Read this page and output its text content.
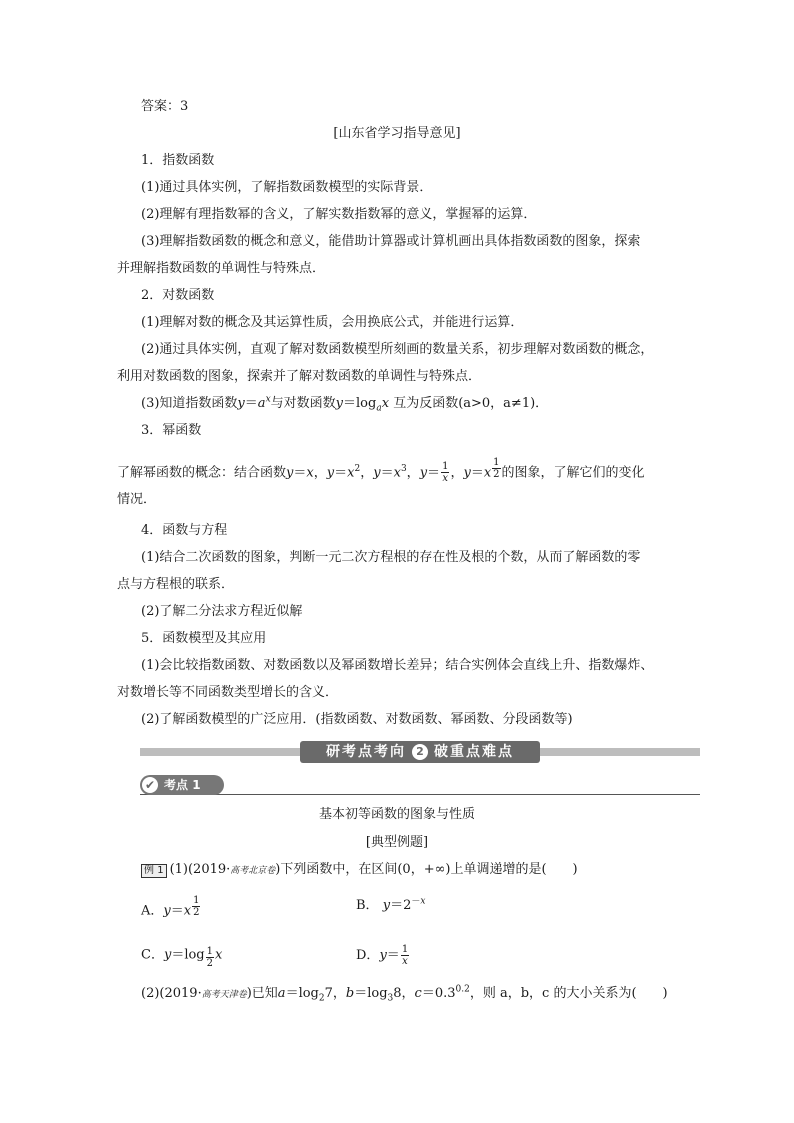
答案：3
[山东省学习指导意见]
1．指数函数
(1)通过具体实例，了解指数函数模型的实际背景．
(2)理解有理指数幂的含义，了解实数指数幂的意义，掌握幂的运算．
(3)理解指数函数的概念和意义，能借助计算器或计算机画出具体指数函数的图象，探索
并理解指数函数的单调性与特殊点．
2．对数函数
(1)理解对数的概念及其运算性质，会用换底公式，并能进行运算．
(2)通过具体实例，直观了解对数函数模型所刻画的数量关系，初步理解对数函数的概念，
利用对数函数的图象，探索并了解对数函数的单调性与特殊点．
(3)知道指数函数$y=a^x$与对数函数$y=\log_ax$ 互为反函数(a>0，a≠1)．
3．幂函数
了解幂函数的概念：结合函数y＝x，$y=x^2$，$y=x^3$，$y= \frac{1}{x}$ ，y＝x $^{\frac{1}{2}}$ 的图象，了解它们的变化
情况．
4．函数与方程
(1)结合二次函数的图象，判断一元二次方程根的存在性及根的个数，从而了解函数的零
点与方程根的联系．
(2)了解二分法求方程近似解
5．函数模型及其应用
(1)会比较指数函数、对数函数以及幂函数增长差异；结合实例体会直线上升、指数爆炸、
对数增长等不同函数类型增长的含义．
(2)了解函数模型的广泛应用．(指数函数、对数函数、幂函数、分段函数等)
研考点考向 2 破重点难点
✔ 考点 1
基本初等函数的图象与性质
[典型例题]
例 1 (1)(2019·高考北京卷)下列函数中，在区间(0，+∞)上单调递增的是(　　)
A．y＝x $^{\frac{1}{2}}$	B． $y=2^{-x}$
C．y＝log $_{\frac{1}{2}}$ x	D．$y= \frac{1}{x}$
(2)(2019·高考天津卷)已知$a=\log_27$，$b=\log_38$，$c=0.3^{0.2}$，则 a，b，c 的大小关系为(　　)
